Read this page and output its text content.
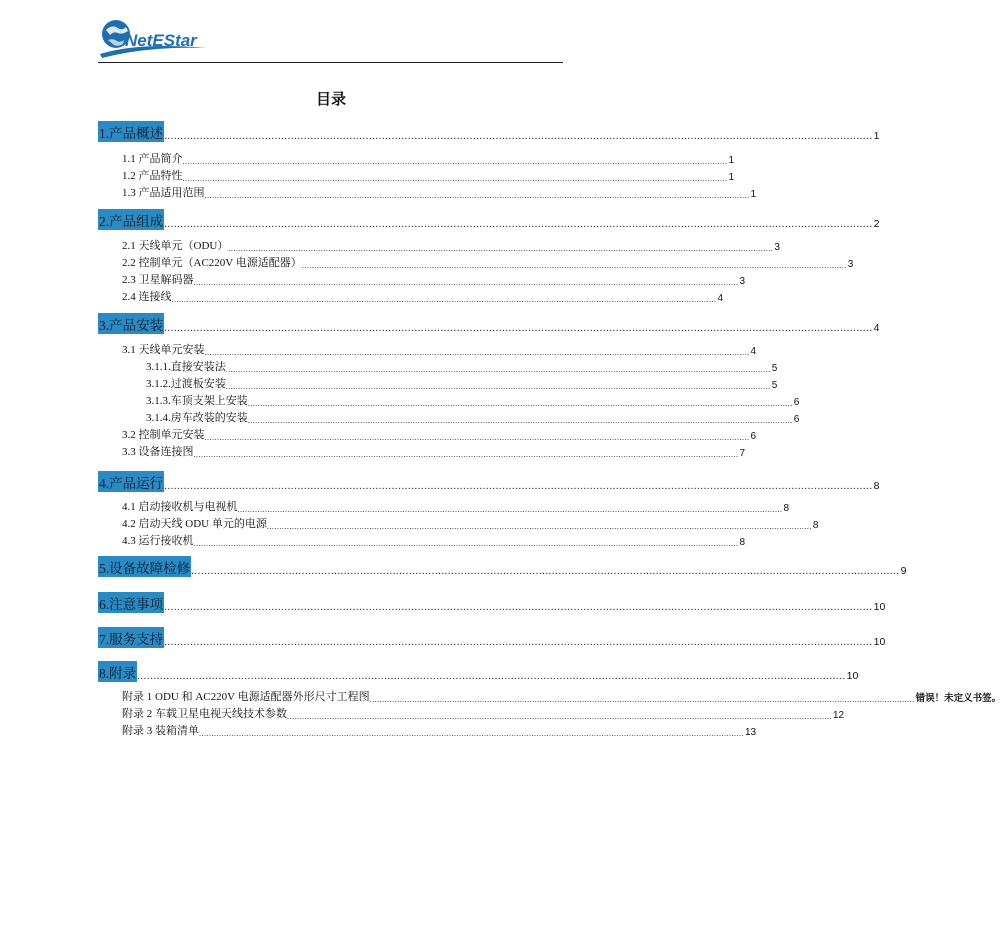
NetEStar
目录
1.产品概述 .......................................................................................................................................................................................................................... 1
1.1 产品简介 .......................................................................................................................................................................................................................... 1
1.2 产品特性 .......................................................................................................................................................................................................................... 1
1.3 产品适用范围 .......................................................................................................................................................................................................................... 1
2.产品组成 .......................................................................................................................................................................................................................... 2
2.1 天线单元（ODU） .......................................................................................................................................................................................................................... 3
2.2 控制单元（AC220V 电源适配器） .......................................................................................................................................................................................................................... 3
2.3 卫星解码器 .......................................................................................................................................................................................................................... 3
2.4 连接线 .......................................................................................................................................................................................................................... 4
3.产品安装 .......................................................................................................................................................................................................................... 4
3.1 天线单元安装 .......................................................................................................................................................................................................................... 4
3.1.1.直接安装法 .......................................................................................................................................................................................................................... 5
3.1.2.过渡板安装 .......................................................................................................................................................................................................................... 5
3.1.3.车顶支架上安装 .......................................................................................................................................................................................................................... 6
3.1.4.房车改装的安装 .......................................................................................................................................................................................................................... 6
3.2 控制单元安装 .......................................................................................................................................................................................................................... 6
3.3 设备连接图 .......................................................................................................................................................................................................................... 7
4.产品运行 .......................................................................................................................................................................................................................... 8
4.1 启动接收机与电视机 .......................................................................................................................................................................................................................... 8
4.2 启动天线 ODU 单元的电源 .......................................................................................................................................................................................................................... 8
4.3 运行接收机 .......................................................................................................................................................................................................................... 8
5.设备故障检修 .......................................................................................................................................................................................................................... 9
6.注意事项 .......................................................................................................................................................................................................................... 10
7.服务支持 .......................................................................................................................................................................................................................... 10
8.附录 .......................................................................................................................................................................................................................... 10
附录 1 ODU 和 AC220V 电源适配器外形尺寸工程图 .......................................................................................................................................................................................................................... 错误！未定义书签。
附录 2 车载卫星电视天线技术参数 .......................................................................................................................................................................................................................... 12
附录 3 装箱清单 .......................................................................................................................................................................................................................... 13
